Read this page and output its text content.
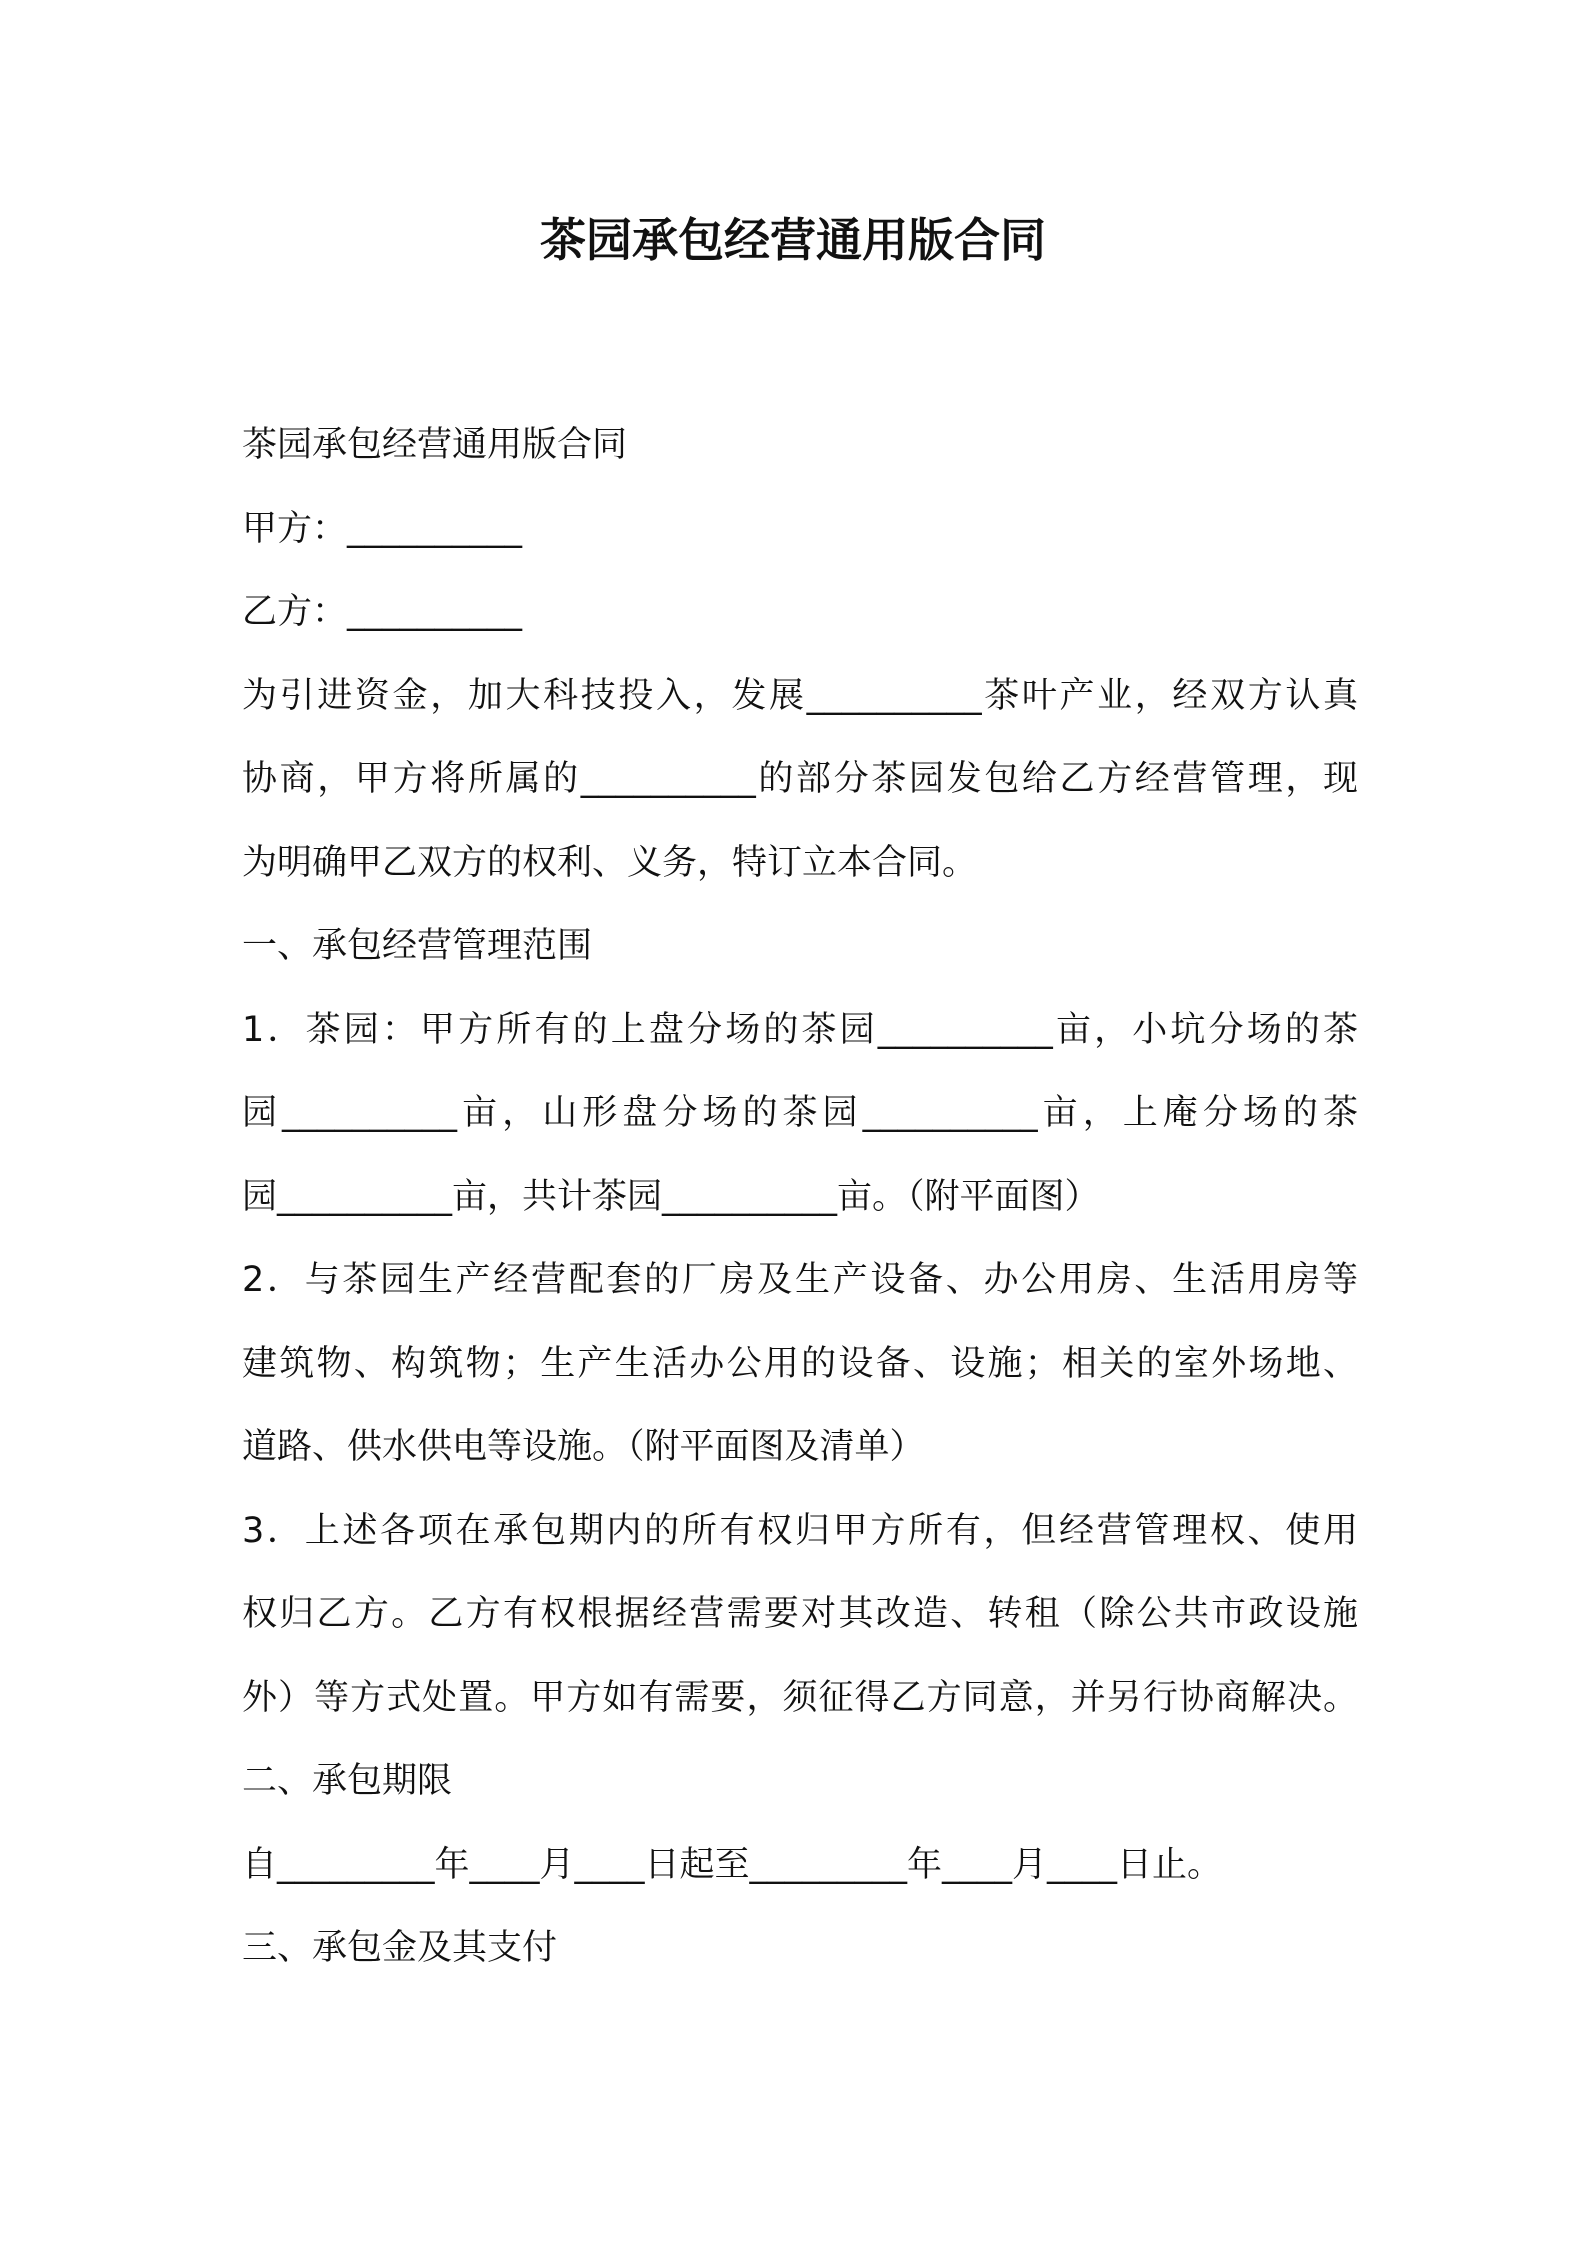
茶园承包经营通用版合同
茶园承包经营通用版合同
甲方：__________
乙方：__________
为引进资金，加大科技投入，发展__________茶叶产业，经双方认真
协商，甲方将所属的__________的部分茶园发包给乙方经营管理，现
为明确甲乙双方的权利、义务，特订立本合同。
一、承包经营管理范围
1．茶园：甲方所有的上盘分场的茶园__________亩，小坑分场的茶
园__________亩，山形盘分场的茶园__________亩，上庵分场的茶
园__________亩，共计茶园__________亩。（附平面图）
2．与茶园生产经营配套的厂房及生产设备、办公用房、生活用房等
建筑物、构筑物；生产生活办公用的设备、设施；相关的室外场地、
道路、供水供电等设施。（附平面图及清单）
3．上述各项在承包期内的所有权归甲方所有，但经营管理权、使用
权归乙方。乙方有权根据经营需要对其改造、转租（除公共市政设施
外）等方式处置。甲方如有需要，须征得乙方同意，并另行协商解决。
二、承包期限
自_________年____月____日起至_________年____月____日止。
三、承包金及其支付
